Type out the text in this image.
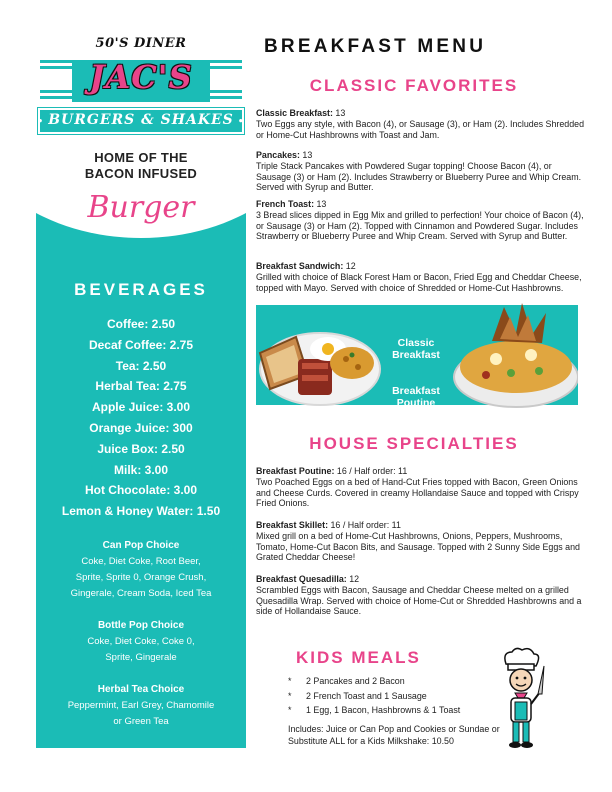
50'S DINER
JAC'S
• BURGERS & SHAKES •
HOME OF THE
BACON INFUSED
Burger
BEVERAGES
Coffee: 2.50
Decaf Coffee: 2.75
Tea: 2.50
Herbal Tea: 2.75
Apple Juice: 3.00
Orange Juice: 300
Juice Box: 2.50
Milk: 3.00
Hot Chocolate: 3.00
Lemon & Honey Water: 1.50
Can Pop Choice
Coke, Diet Coke, Root Beer,
Sprite, Sprite 0, Orange Crush,
Gingerale, Cream Soda, Iced Tea
Bottle Pop Choice
Coke, Diet Coke, Coke 0,
Sprite, Gingerale
Herbal Tea Choice
Peppermint, Earl Grey, Chamomile
or Green Tea
BREAKFAST MENU
CLASSIC FAVORITES
Classic Breakfast: 13
Two Eggs any style, with Bacon (4), or Sausage (3), or Ham (2). Includes Shredded or Home-Cut Hashbrowns with Toast and Jam.
Pancakes: 13
Triple Stack Pancakes with Powdered Sugar topping! Choose Bacon (4), or Sausage (3) or Ham (2). Includes Strawberry or Blueberry Puree and Whip Cream. Served with Syrup and Butter.
French Toast: 13
3 Bread slices dipped in Egg Mix and grilled to perfection! Your choice of Bacon (4), or Sausage (3) or Ham (2). Topped with Cinnamon and Powdered Sugar. Includes Strawberry or Blueberry Puree and Whip Cream. Served with Syrup and Butter.
Breakfast Sandwich: 12
Grilled with choice of Black Forest Ham or Bacon, Fried Egg and Cheddar Cheese, topped with Mayo. Served with choice of Shredded or Home-Cut Hashbrowns.
Classic Breakfast
Breakfast Poutine
HOUSE SPECIALTIES
Breakfast Poutine: 16 / Half order: 11
Two Poached Eggs on a bed of Hand-Cut Fries topped with Bacon, Green Onions and Cheese Curds. Covered in creamy Hollandaise Sauce and topped with Crispy Fried Onions.
Breakfast Skillet: 16 / Half order: 11
Mixed grill on a bed of Home-Cut Hashbrowns, Onions, Peppers, Mushrooms, Tomato, Home-Cut Bacon Bits, and Sausage. Topped with 2 Sunny Side Eggs and Grated Cheddar Cheese!
Breakfast Quesadilla: 12
Scrambled Eggs with Bacon, Sausage and Cheddar Cheese melted on a grilled Quesadilla Wrap. Served with choice of Home-Cut or Shredded Hashbrowns and a side of Hollandaise Sauce.
KIDS MEALS
*	2 Pancakes and 2 Bacon
*	2 French Toast and 1 Sausage
*	1 Egg, 1 Bacon, Hashbrowns & 1 Toast
Includes: Juice or Can Pop and Cookies or Sundae or Substitute ALL for a Kids Milkshake: 10.50
